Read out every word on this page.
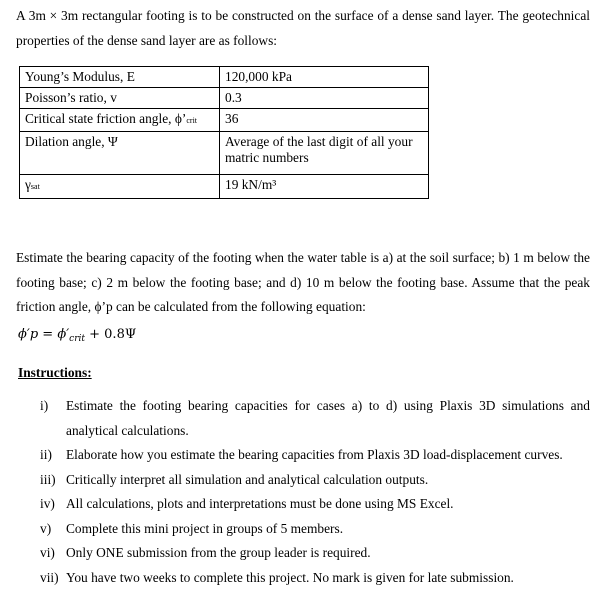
A 3m × 3m rectangular footing is to be constructed on the surface of a dense sand layer. The geotechnical properties of the dense sand layer are as follows:

Young’s Modulus, E	120,000 kPa
Poisson’s ratio, v	0.3
Critical state friction angle, ϕ’crit	36
Dilation angle, Ψ	Average of the last digit of all your matric numbers
γsat	19 kN/m³

Estimate the bearing capacity of the footing when the water table is a) at the soil surface; b) 1 m below the footing base; c) 2 m below the footing base; and d) 10 m below the footing base. Assume that the peak friction angle, ϕ’p can be calculated from the following equation:

$\phi'p = \phi'_{crit} + 0.8\Psi$
Instructions:
i) Estimate the footing bearing capacities for cases a) to d) using Plaxis 3D simulations and analytical calculations.
ii) Elaborate how you estimate the bearing capacities from Plaxis 3D load-displacement curves.
iii) Critically interpret all simulation and analytical calculation outputs.
iv) All calculations, plots and interpretations must be done using MS Excel.
v) Complete this mini project in groups of 5 members.
vi) Only ONE submission from the group leader is required.
vii) You have two weeks to complete this project. No mark is given for late submission.
